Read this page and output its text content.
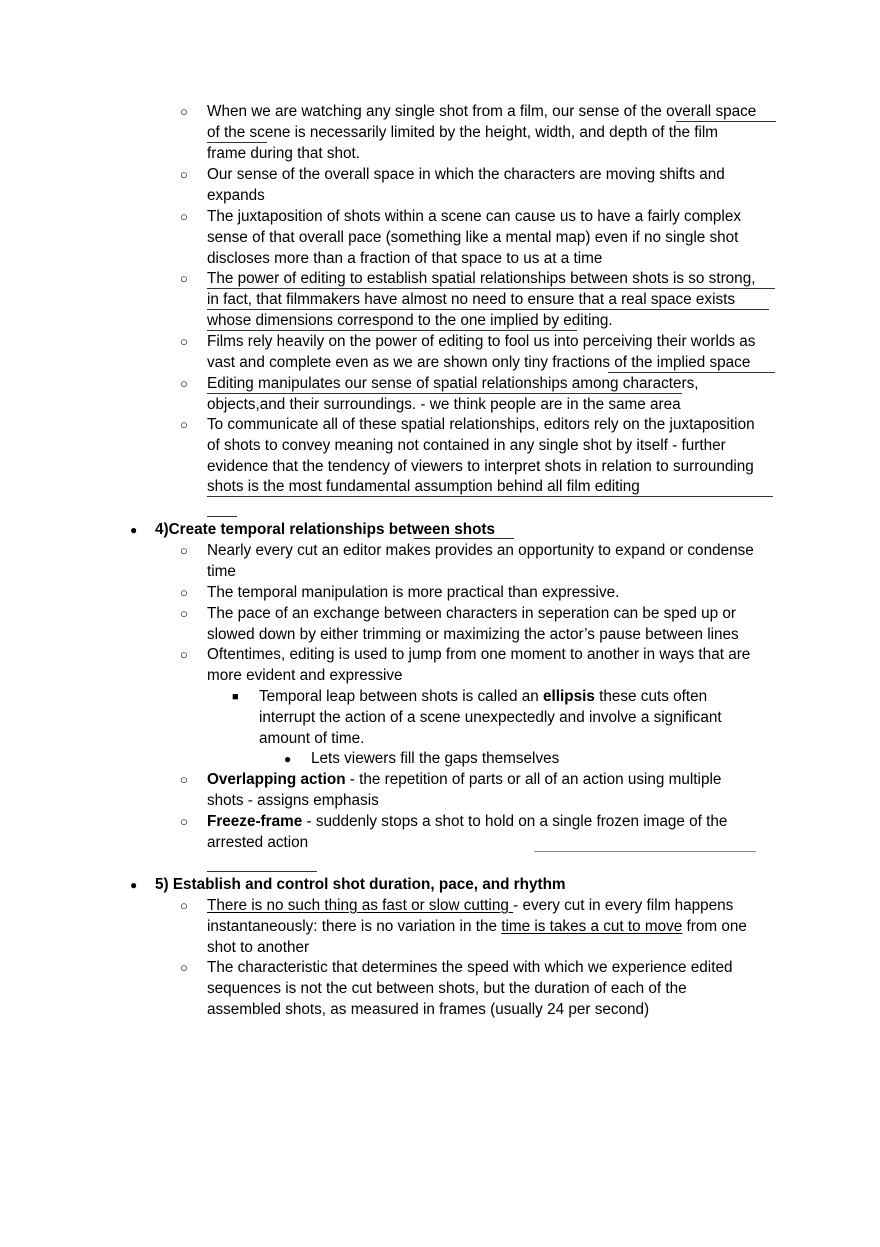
○ When we are watching any single shot from a film, our sense of the overall space
of the scene is necessarily limited by the height, width, and depth of the film
frame during that shot.
○ Our sense of the overall space in which the characters are moving shifts and
expands
○ The juxtaposition of shots within a scene can cause us to have a fairly complex
sense of that overall pace (something like a mental map) even if no single shot
discloses more than a fraction of that space to us at a time
○ The power of editing to establish spatial relationships between shots is so strong,
in fact, that filmmakers have almost no need to ensure that a real space exists
whose dimensions correspond to the one implied by editing.
○ Films rely heavily on the power of editing to fool us into perceiving their worlds as
vast and complete even as we are shown only tiny fractions of the implied space
○ Editing manipulates our sense of spatial relationships among characters,
objects,and their surroundings. - we think people are in the same area
○ To communicate all of these spatial relationships, editors rely on the juxtaposition
of shots to convey meaning not contained in any single shot by itself - further
evidence that the tendency of viewers to interpret shots in relation to surrounding
shots is the most fundamental assumption behind all film editing
● 4)Create temporal relationships between shots
○ Nearly every cut an editor makes provides an opportunity to expand or condense
time
○ The temporal manipulation is more practical than expressive.
○ The pace of an exchange between characters in seperation can be sped up or
slowed down by either trimming or maximizing the actor’s pause between lines
○ Oftentimes, editing is used to jump from one moment to another in ways that are
more evident and expressive
■ Temporal leap between shots is called an ellipsis these cuts often
interrupt the action of a scene unexpectedly and involve a significant
amount of time.
● Lets viewers fill the gaps themselves
○ Overlapping action - the repetition of parts or all of an action using multiple
shots - assigns emphasis
○ Freeze-frame - suddenly stops a shot to hold on a single frozen image of the
arrested action
● 5) Establish and control shot duration, pace, and rhythm
○ There is no such thing as fast or slow cutting - every cut in every film happens
instantaneously: there is no variation in the time is takes a cut to move from one
shot to another
○ The characteristic that determines the speed with which we experience edited
sequences is not the cut between shots, but the duration of each of the
assembled shots, as measured in frames (usually 24 per second)
